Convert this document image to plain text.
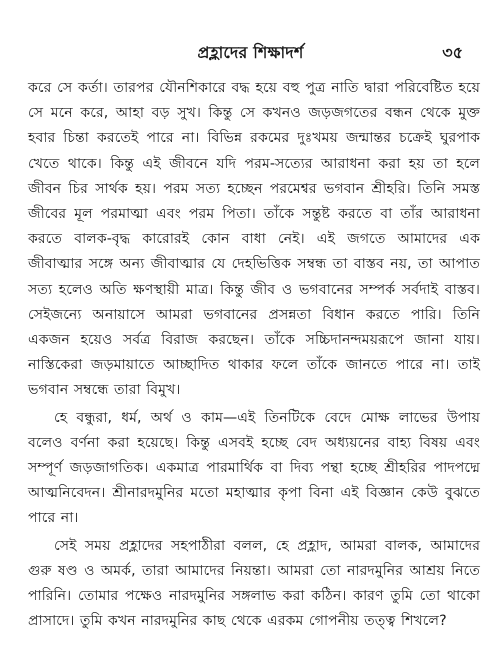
প্রহ্লাদের শিক্ষাদর্শ	৩৫

করে সে কর্তা। তারপর যৌনশিকারে বদ্ধ হয়ে বহু পুত্র নাতি দ্বারা পরিবেষ্টিত হয়ে সে মনে করে, আহা বড় সুখ। কিন্তু সে কখনও জড়জগতের বন্ধন থেকে মুক্ত হবার চিন্তা করতেই পারে না। বিভিন্ন রকমের দুঃখময় জন্মান্তর চক্রেই ঘুরপাক খেতে থাকে। কিন্তু এই জীবনে যদি পরম-সত্যের আরাধনা করা হয় তা হলে জীবন চির সার্থক হয়। পরম সত্য হচ্ছেন পরমেশ্বর ভগবান শ্রীহরি। তিনি সমস্ত জীবের মূল পরমাত্মা এবং পরম পিতা। তাঁকে সন্তুষ্ট করতে বা তাঁর আরাধনা করতে বালক-বৃদ্ধ কারোরই কোন বাধা নেই। এই জগতে আমাদের এক জীবাত্মার সঙ্গে অন্য জীবাত্মার যে দেহভিত্তিক সম্বন্ধ তা বাস্তব নয়, তা আপাত সত্য হলেও অতি ক্ষণস্থায়ী মাত্র। কিন্তু জীব ও ভগবানের সম্পর্ক সর্বদাই বাস্তব। সেইজন্যে অনায়াসে আমরা ভগবানের প্রসন্নতা বিধান করতে পারি। তিনি একজন হয়েও সর্বত্র বিরাজ করছেন। তাঁকে সচ্চিদানন্দময়রূপে জানা যায়। নাস্তিকেরা জড়মায়াতে আচ্ছাদিত থাকার ফলে তাঁকে জানতে পারে না। তাই ভগবান সম্বন্ধে তারা বিমুখ।

হে বন্ধুরা, ধর্ম, অর্থ ও কাম—এই তিনটিকে বেদে মোক্ষ লাভের উপায় বলেও বর্ণনা করা হয়েছে। কিন্তু এসবই হচ্ছে বেদ অধ্যয়নের বাহ্য বিষয় এবং সম্পূর্ণ জড়জাগতিক। একমাত্র পারমার্থিক বা দিব্য পন্থা হচ্ছে শ্রীহরির পাদপদ্মে আত্মনিবেদন। শ্রীনারদমুনির মতো মহাত্মার কৃপা বিনা এই বিজ্ঞান কেউ বুঝতে পারে না।

সেই সময় প্রহ্লাদের সহপাঠীরা বলল, হে প্রহ্লাদ, আমরা বালক, আমাদের গুরু ষণ্ড ও অমর্ক, তারা আমাদের নিয়ন্তা। আমরা তো নারদমুনির আশ্রয় নিতে পারিনি। তোমার পক্ষেও নারদমুনির সঙ্গলাভ করা কঠিন। কারণ তুমি তো থাকো প্রাসাদে। তুমি কখন নারদমুনির কাছ থেকে এরকম গোপনীয় তত্ত্ব শিখলে?
